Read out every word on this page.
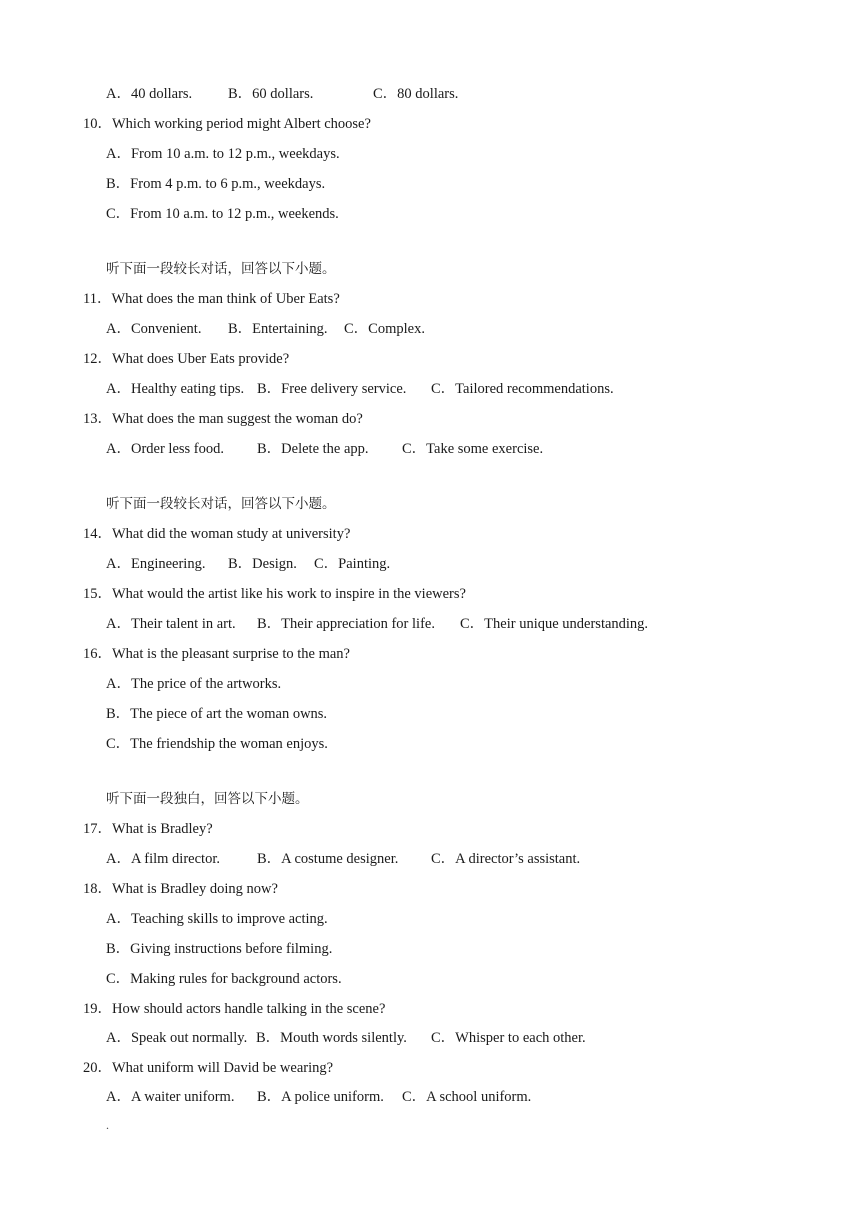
A．40 dollars. B．60 dollars.	C．80 dollars.
10．Which working period might Albert choose?
A．From 10 a.m. to 12 p.m., weekdays.
B．From 4 p.m. to 6 p.m., weekdays.
C．From 10 a.m. to 12 p.m., weekends.
听下面一段较长对话，回答以下小题。
11．What does the man think of Uber Eats?
A．Convenient. B．Entertaining. C．Complex.
12．What does Uber Eats provide?
A．Healthy eating tips. B．Free delivery service. C．Tailored recommendations.
13．What does the man suggest the woman do?
A．Order less food. B．Delete the app. C．Take some exercise.
听下面一段较长对话，回答以下小题。
14．What did the woman study at university?
A．Engineering. B．Design. C．Painting.
15．What would the artist like his work to inspire in the viewers?
A．Their talent in art. B．Their appreciation for life. C．Their unique understanding.
16．What is the pleasant surprise to the man?
A．The price of the artworks.
B．The piece of art the woman owns.
C．The friendship the woman enjoys.
听下面一段独白，回答以下小题。
17．What is Bradley?
A．A film director.	B．A costume designer. C．A director’s assistant.
18．What is Bradley doing now?
A．Teaching skills to improve acting.
B．Giving instructions before filming.
C．Making rules for background actors.
19．How should actors handle talking in the scene?
A．Speak out normally. B．Mouth words silently. C．Whisper to each other.
20．What uniform will David be wearing?
A．A waiter uniform. B．A police uniform. C．A school uniform.
.
